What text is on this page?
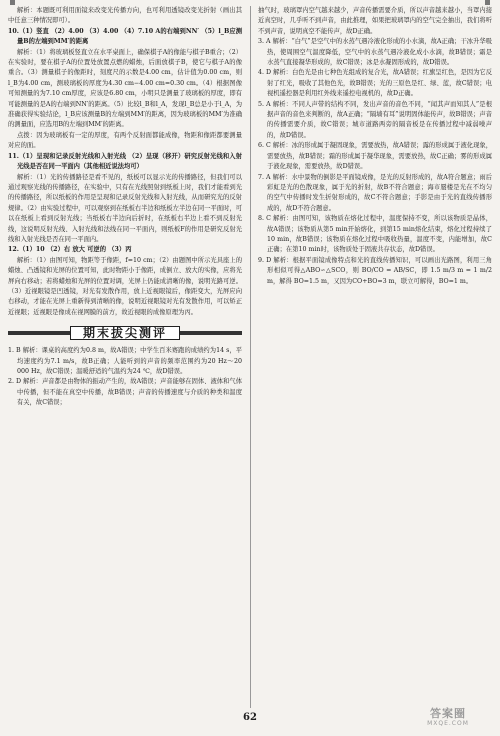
解析：本题既可利用面镜来改变光传播方向，也可利用透镜改变光折射（画出其中任意三种情况即可）。

10.（1）竖直 （2）4.00 （3）4.00 （4）7.10 A的右端到NN′ （5）l_B应测量B的左端到MM′的距离

解析：（1）将玻璃板竖直立在水平桌面上，确保棋子A的像能与棋子B重合；（2）在实验时，要在棋子A的位置处放置点燃的蜡烛，后面放棋子B，使它与棋子A的像重合。（3）测量棋子的像距时，刻度尺的示数是4.00 cm，估计值为0.00 cm，则l_B为4.00 cm，测玻璃板的厚度为4.30 cm−4.00 cm=0.30 cm。（4）根据图像可知测量的为7.10 cm厚度，应该是6.80 cm，小明只是测量了玻璃板的厚度，即有可能测量的是A的右端到NN′的距离。（5）比较l_B和l_A，发现l_B总是小于l_A，为准确获得实验结论，l_B应该测量B的左端到MM′的距离，因为玻璃板的MM′为准确的测量面，应选用B的左端到MM′的距离。

点拨：因为玻璃板有一定的厚度，有两个反射面都能成像，物距和像距都要测量对应的面。

11.（1）呈现和记录反射光线和入射光线 （2）呈现（移开）研究反射光线和入射光线是否在同一平面内（其他相近说法均可）

解析：（1）光的传播路径是看不见的，纸板可以显示光的传播路径，但我们可以通过观察光线的传播路径，在实验中，只有在光线照射到纸板上时，我们才能看到光的传播路径，所以纸板的作用是呈现和记录反射光线和入射光线，从而研究光的反射规律。（2）由实验过程中，可以观察到在纸板右半边和纸板左半边在同一平面时，可以在纸板上看到反射光线；当纸板右半边向后折时，在纸板右半边上看不到反射光线，这说明反射光线、入射光线和法线在同一平面内，则纸板F的作用是研究反射光线和入射光线是否在同一平面内。

12.（1）10 （2）右 放大 可逆的 （3）丙

解析：（1）由图可知，物距等于像距，f=10 cm；（2）由题图中所示光具座上的蜡烛、凸透镜和光屏的位置可知，此时物距小于像距，成倒立、放大的实像，应将光屏向右移动；若将蜡烛和光屏的位置对调，光屏上仍能成清晰的像，说明光路可逆。（3）近视眼镜是凹透镜，对光有发散作用，放上近视眼镜后，像距变大，光屏应向右移动，才能在光屏上重新得到清晰的像，说明近视眼镜对光有发散作用，可以矫正近视眼；近视眼是像成在视网膜的前方，故近视眼的成像原理为丙。

期末拔尖测评

1. B 解析：课桌的高度约为0.8 m，故A错误；中学生百米赛跑的成绩约为14 s，平均速度约为7.1 m/s，故B正确；人能听到的声音的频率范围约为20 Hz～20 000 Hz，故C错误；温暖舒适的气温约为24 ℃，故D错误。

2. D 解析：声音都是由物体的振动产生的，故A错误；声音能够在固体、液体和气体中传播，但不能在真空中传播，故B错误；声音的传播速度与介质的种类和温度有关，故C错误；

抽气时，玻璃罩内空气越来越少，声音传播需要介质，所以声音越来越小，当罩内接近真空时，几乎听不到声音，由此推理，如果把玻璃罩内的空气完全抽出，我们将听不到声音，说明真空不能传声，故D正确。

3. A 解析：“白气”是空气中的水蒸气遇冷液化形成的小水滴，故A正确；干冰升华吸热，使周围空气温度降低，空气中的水蒸气遇冷液化成小水滴，故B错误；霜是水蒸气直接凝华形成的，故C错误；冰是水凝固形成的，故D错误。

4. D 解析：白色光是由七种色光组成的复合光，故A错误；红旗呈红色，是因为它反射了红光，吸收了其他色光，故B错误；光的三原色是红、绿、蓝，故C错误；电视机遥控器是利用红外线来遥控电视机的，故D正确。

5. A 解析：不同人声带的结构不同，发出声音的音色不同，“闻其声而知其人”是根据声音的音色来判断的，故A正确；“隔墙有耳”说明固体能传声，故B错误；声音的传播需要介质，故C错误；城市道路两旁的隔音板是在传播过程中减弱噪声的，故D错误。

6. C 解析：冰的形成属于凝固现象，需要放热，故A错误；露的形成属于液化现象，需要放热，故B错误；霜的形成属于凝华现象，需要放热，故C正确；雾的形成属于液化现象，需要放热，故D错误。

7. A 解析：水中景物的倒影是平面镜成像，是光的反射形成的，故A符合题意；雨后彩虹是光的色散现象，属于光的折射，故B不符合题意；海市蜃楼是光在不均匀的空气中传播时发生折射形成的，故C不符合题意；手影是由于光的直线传播形成的，故D不符合题意。

8. C 解析：由图可知，该物质在熔化过程中，温度保持不变，所以该物质是晶体，故A错误；该物质从第5 min开始熔化，到第15 min熔化结束，熔化过程持续了10 min，故B错误；该物质在熔化过程中吸收热量，温度不变，内能增加，故C正确；在第10 min时，该物质处于固液共存状态，故D错误。

9. D 解析：根据平面镜成像特点和光的直线传播知识，可以画出光路图，利用三角形相似可得△ABO∽△SCO，则 BO/CO = AB/SC，即 1.5 m/3 m = 1 m/2 m，解得 BO=1.5 m，又因为CO+BO=3 m，联立可解得，BO=1 m。

62	答案圈
MXQE.COM
